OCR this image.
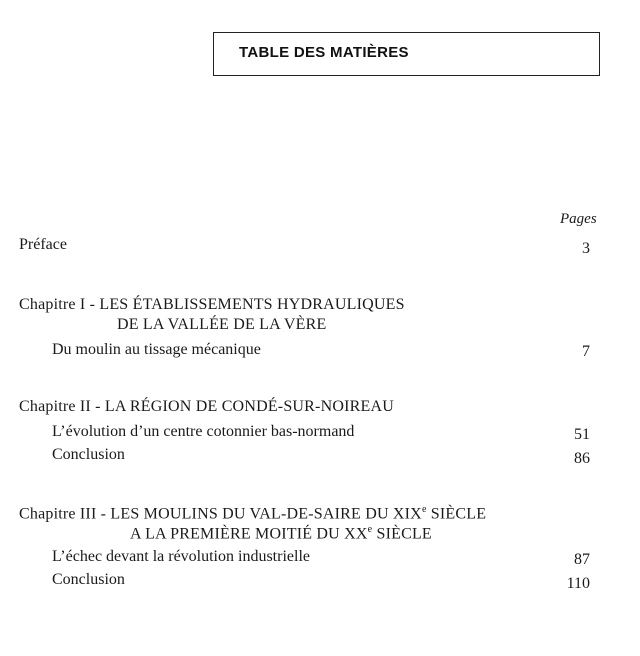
TABLE DES MATIÈRES
Pages
Préface	3
Chapitre I - LES ÉTABLISSEMENTS HYDRAULIQUES
DE LA VALLÉE DE LA VÈRE
Du moulin au tissage mécanique	7
Chapitre II - LA RÉGION DE CONDÉ-SUR-NOIREAU
L’évolution d’un centre cotonnier bas-normand	51
Conclusion	86
Chapitre III - LES MOULINS DU VAL-DE-SAIRE DU XIXe SIÈCLE
A LA PREMIÈRE MOITIÉ DU XXe SIÈCLE
L’échec devant la révolution industrielle	87
Conclusion	110
